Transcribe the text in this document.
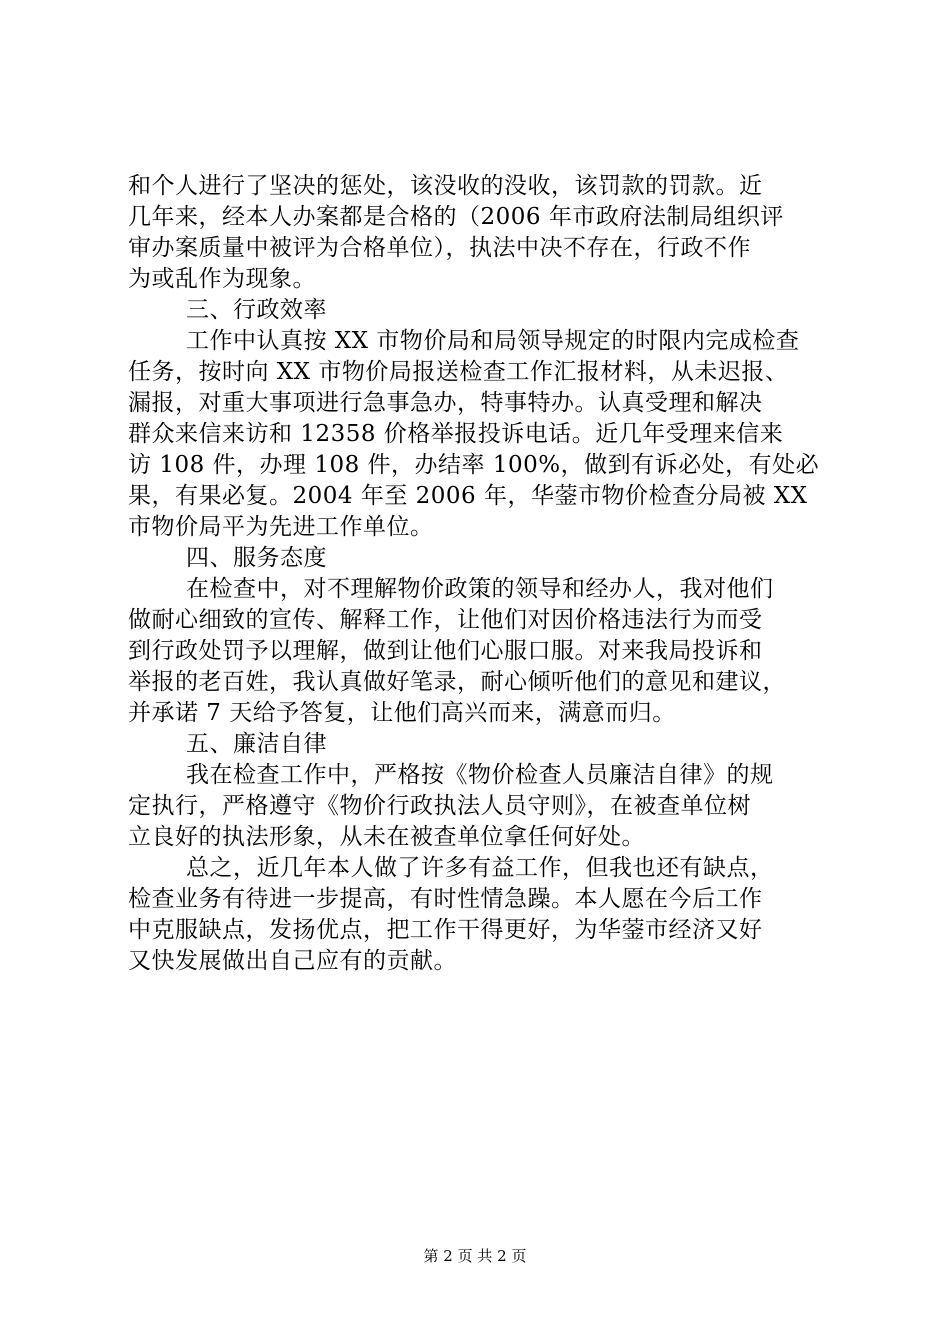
和个人进行了坚决的惩处，该没收的没收，该罚款的罚款。近
几年来，经本人办案都是合格的（2006 年市政府法制局组织评
审办案质量中被评为合格单位），执法中决不存在，行政不作
为或乱作为现象。
三、行政效率
工作中认真按 XX 市物价局和局领导规定的时限内完成检查
任务，按时向 XX 市物价局报送检查工作汇报材料，从未迟报、
漏报，对重大事项进行急事急办，特事特办。认真受理和解决
群众来信来访和 12358 价格举报投诉电话。近几年受理来信来
访 108 件，办理 108 件，办结率 100%，做到有诉必处，有处必
果，有果必复。2004 年至 2006 年，华蓥市物价检查分局被 XX
市物价局平为先进工作单位。
四、服务态度
在检查中，对不理解物价政策的领导和经办人，我对他们
做耐心细致的宣传、解释工作，让他们对因价格违法行为而受
到行政处罚予以理解，做到让他们心服口服。对来我局投诉和
举报的老百姓，我认真做好笔录，耐心倾听他们的意见和建议，
并承诺 7 天给予答复，让他们高兴而来，满意而归。
五、廉洁自律
我在检查工作中，严格按《物价检查人员廉洁自律》的规
定执行，严格遵守《物价行政执法人员守则》，在被查单位树
立良好的执法形象，从未在被查单位拿任何好处。
总之，近几年本人做了许多有益工作，但我也还有缺点，
检查业务有待进一步提高，有时性情急躁。本人愿在今后工作
中克服缺点，发扬优点，把工作干得更好，为华蓥市经济又好
又快发展做出自己应有的贡献。
第 2 页 共 2 页
